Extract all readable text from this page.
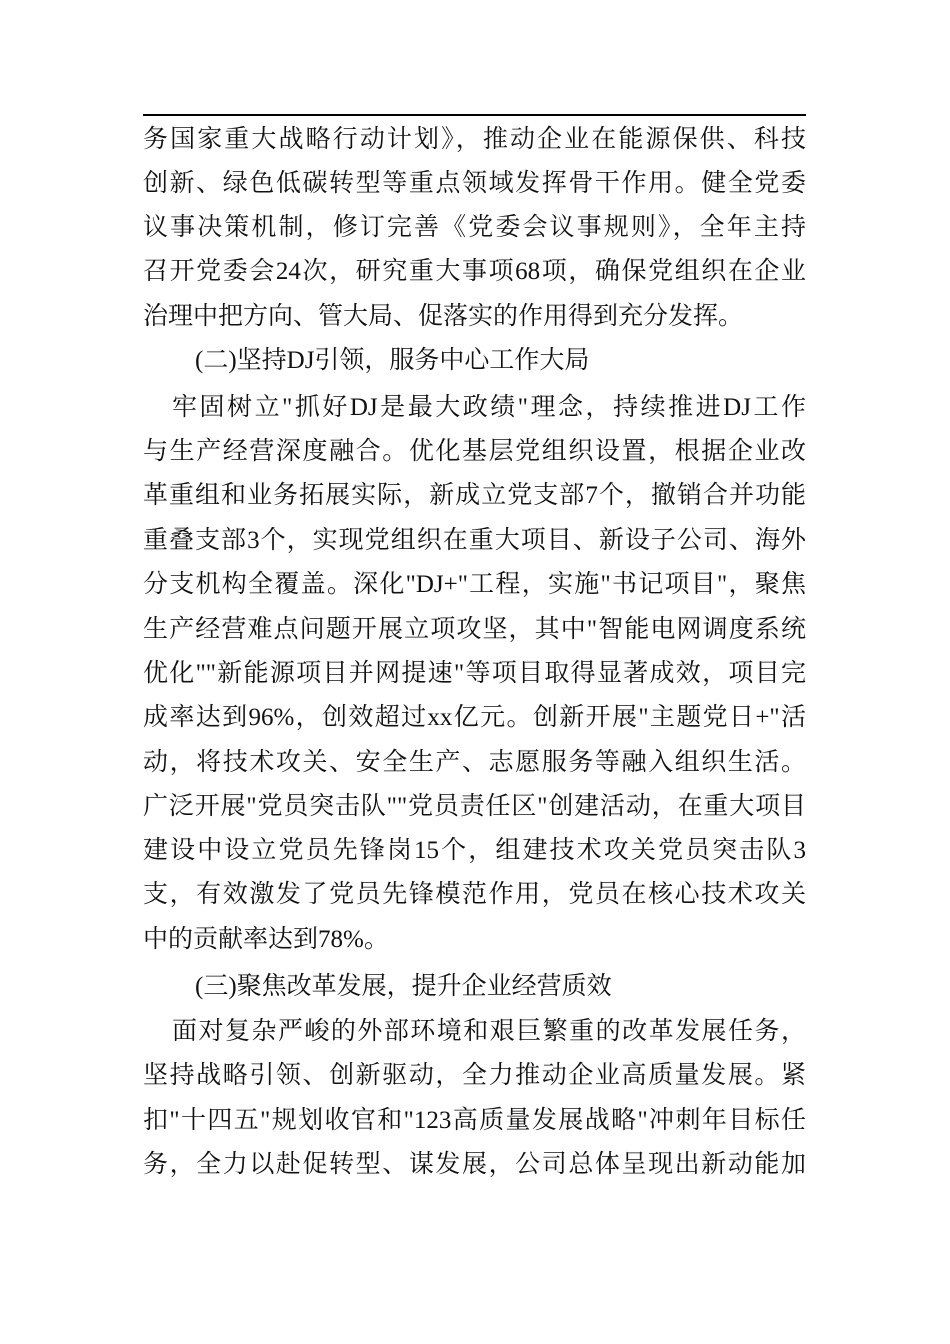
务国家重大战略行动计划》，推动企业在能源保供、科技
创新、绿色低碳转型等重点领域发挥骨干作用。健全党委
议事决策机制，修订完善《党委会议事规则》，全年主持
召开党委会24次，研究重大事项68项，确保党组织在企业
治理中把方向、管大局、促落实的作用得到充分发挥。
(二)坚持DJ引领，服务中心工作大局
牢固树立"抓好DJ是最大政绩"理念，持续推进DJ工作
与生产经营深度融合。优化基层党组织设置，根据企业改
革重组和业务拓展实际，新成立党支部7个，撤销合并功能
重叠支部3个，实现党组织在重大项目、新设子公司、海外
分支机构全覆盖。深化"DJ+"工程，实施"书记项目"，聚焦
生产经营难点问题开展立项攻坚，其中"智能电网调度系统
优化""新能源项目并网提速"等项目取得显著成效，项目完
成率达到96%，创效超过xx亿元。创新开展"主题党日+"活
动，将技术攻关、安全生产、志愿服务等融入组织生活。
广泛开展"党员突击队""党员责任区"创建活动，在重大项目
建设中设立党员先锋岗15个，组建技术攻关党员突击队3
支，有效激发了党员先锋模范作用，党员在核心技术攻关
中的贡献率达到78%。
(三)聚焦改革发展，提升企业经营质效
面对复杂严峻的外部环境和艰巨繁重的改革发展任务，
坚持战略引领、创新驱动，全力推动企业高质量发展。紧
扣"十四五"规划收官和"123高质量发展战略"冲刺年目标任
务，全力以赴促转型、谋发展，公司总体呈现出新动能加
